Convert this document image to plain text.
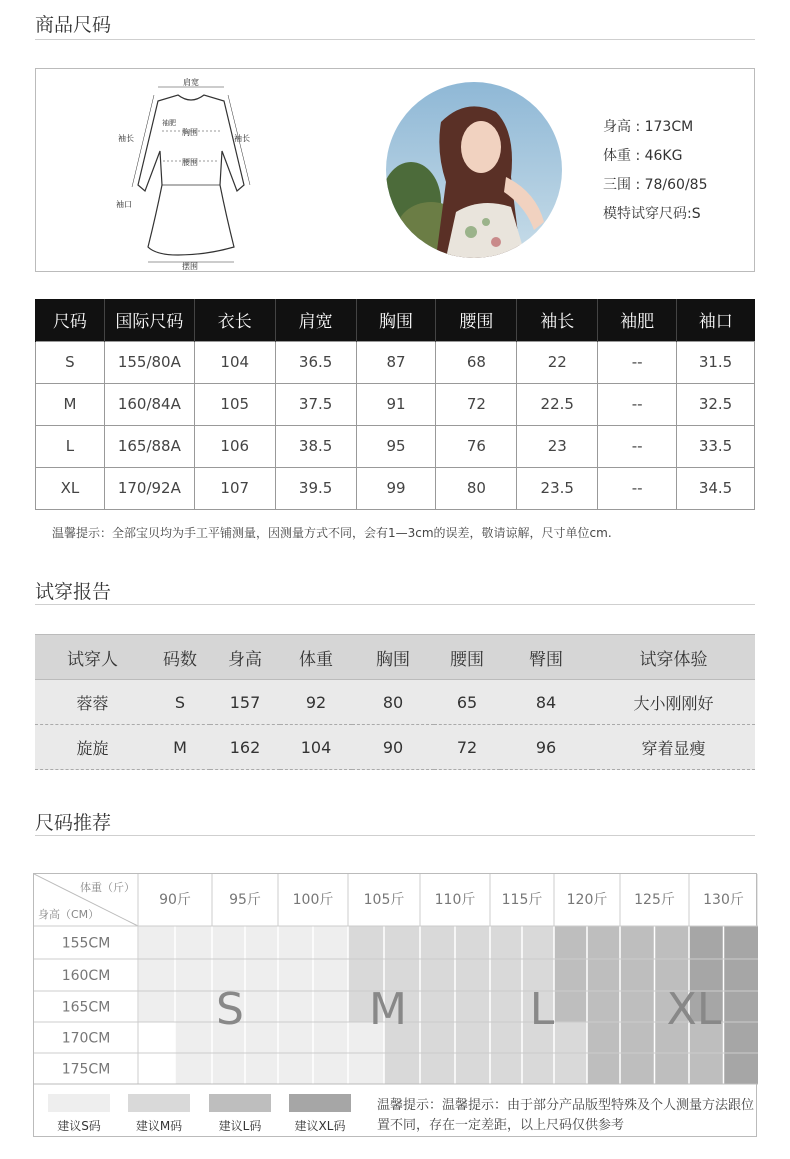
商品尺码
肩宽
袖长
袖肥
胸围
袖长
腰围
袖口
摆围
身高 : 173CM
体重 : 46KG
三围 : 78/60/85
模特试穿尺码:S
尺码	国际尺码	衣长	肩宽	胸围	腰围	袖长	袖肥	袖口
S	155/80A	104	36.5	87	68	22	--	31.5
M	160/84A	105	37.5	91	72	22.5	--	32.5
L	165/88A	106	38.5	95	76	23	--	33.5
XL	170/92A	107	39.5	99	80	23.5	--	34.5
温馨提示：全部宝贝均为手工平铺测量，因测量方式不同，会有1—3cm的误差，敬请谅解，尺寸单位cm.
试穿报告
试穿人	码数	身高	体重	胸围	腰围	臀围	试穿体验
蓉蓉	S	157	92	80	65	84	大小刚刚好
旋旋	M	162	104	90	72	96	穿着显瘦
尺码推荐
体重（斤）
身高（CM）
90斤	95斤 100斤 105斤 110斤 115斤 120斤 125斤 130斤
155CM
160CM
165CM
170CM
175CM
S	M	L	XL
建议S码	建议M码	建议L码	建议XL码
温馨提示：温馨提示：由于部分产品版型特殊及个人测量方法跟位置不同，存在一定差距，以上尺码仅供参考
